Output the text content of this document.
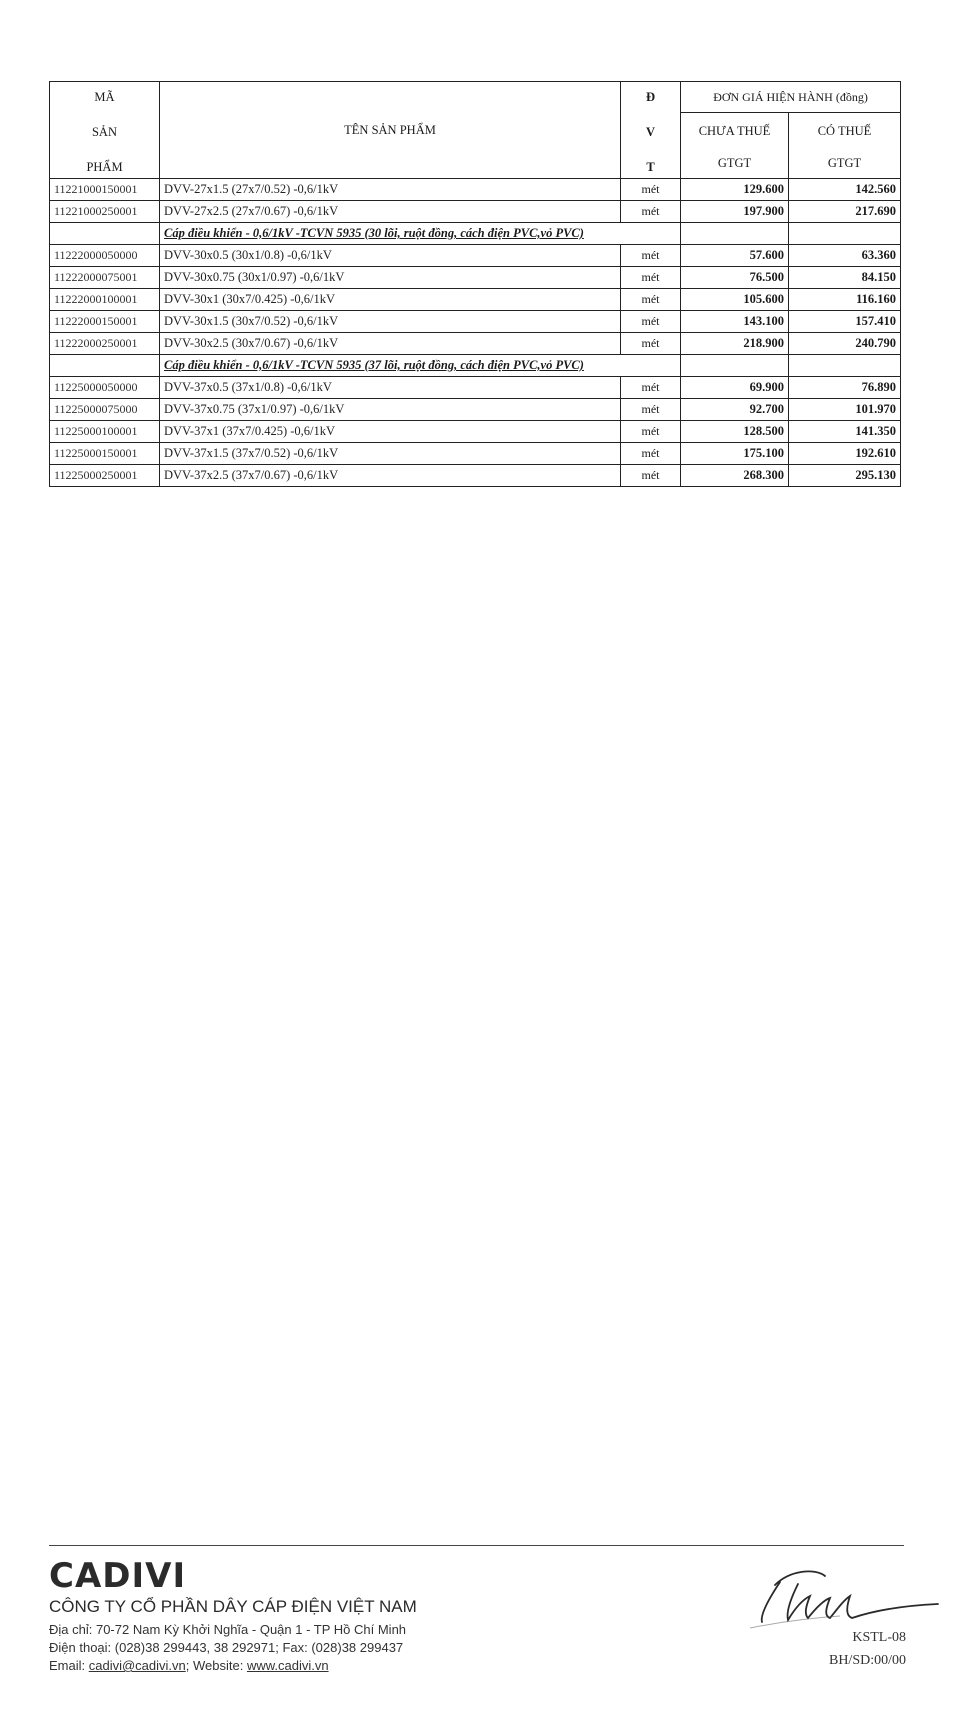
MÃ
SẢN
PHẨM	TÊN SẢN PHẨM	Đ
V
T	ĐƠN GIÁ HIỆN HÀNH (đồng)	
			CHƯA THUẾ	CÓ THUẾ
			GTGT	GTGT
11221000150001	DVV-27x1.5 (27x7/0.52) -0,6/1kV	mét	129.600	142.560
11221000250001	DVV-27x2.5 (27x7/0.67) -0,6/1kV	mét	197.900	217.690
	Cáp điều khiển - 0,6/1kV -TCVN 5935 (30 lõi, ruột đồng, cách điện PVC,vỏ PVC)			
11222000050000	DVV-30x0.5 (30x1/0.8) -0,6/1kV	mét	57.600	63.360
11222000075001	DVV-30x0.75 (30x1/0.97) -0,6/1kV	mét	76.500	84.150
11222000100001	DVV-30x1 (30x7/0.425) -0,6/1kV	mét	105.600	116.160
11222000150001	DVV-30x1.5 (30x7/0.52) -0,6/1kV	mét	143.100	157.410
11222000250001	DVV-30x2.5 (30x7/0.67) -0,6/1kV	mét	218.900	240.790
	Cáp điều khiển - 0,6/1kV -TCVN 5935 (37 lõi, ruột đồng, cách điện PVC,vỏ PVC)			
11225000050000	DVV-37x0.5 (37x1/0.8) -0,6/1kV	mét	69.900	76.890
11225000075000	DVV-37x0.75 (37x1/0.97) -0,6/1kV	mét	92.700	101.970
11225000100001	DVV-37x1 (37x7/0.425) -0,6/1kV	mét	128.500	141.350
11225000150001	DVV-37x1.5 (37x7/0.52) -0,6/1kV	mét	175.100	192.610
11225000250001	DVV-37x2.5 (37x7/0.67) -0,6/1kV	mét	268.300	295.130
CADIVI
CÔNG TY CỔ PHẦN DÂY CÁP ĐIỆN VIỆT NAM
Địa chỉ: 70-72 Nam Kỳ Khởi Nghĩa - Quận 1 - TP Hồ Chí Minh
Điện thoại: (028)38 299443, 38 292971; Fax: (028)38 299437
Email: cadivi@cadivi.vn; Website: www.cadivi.vn
KSTL-08
BH/SD:00/00
